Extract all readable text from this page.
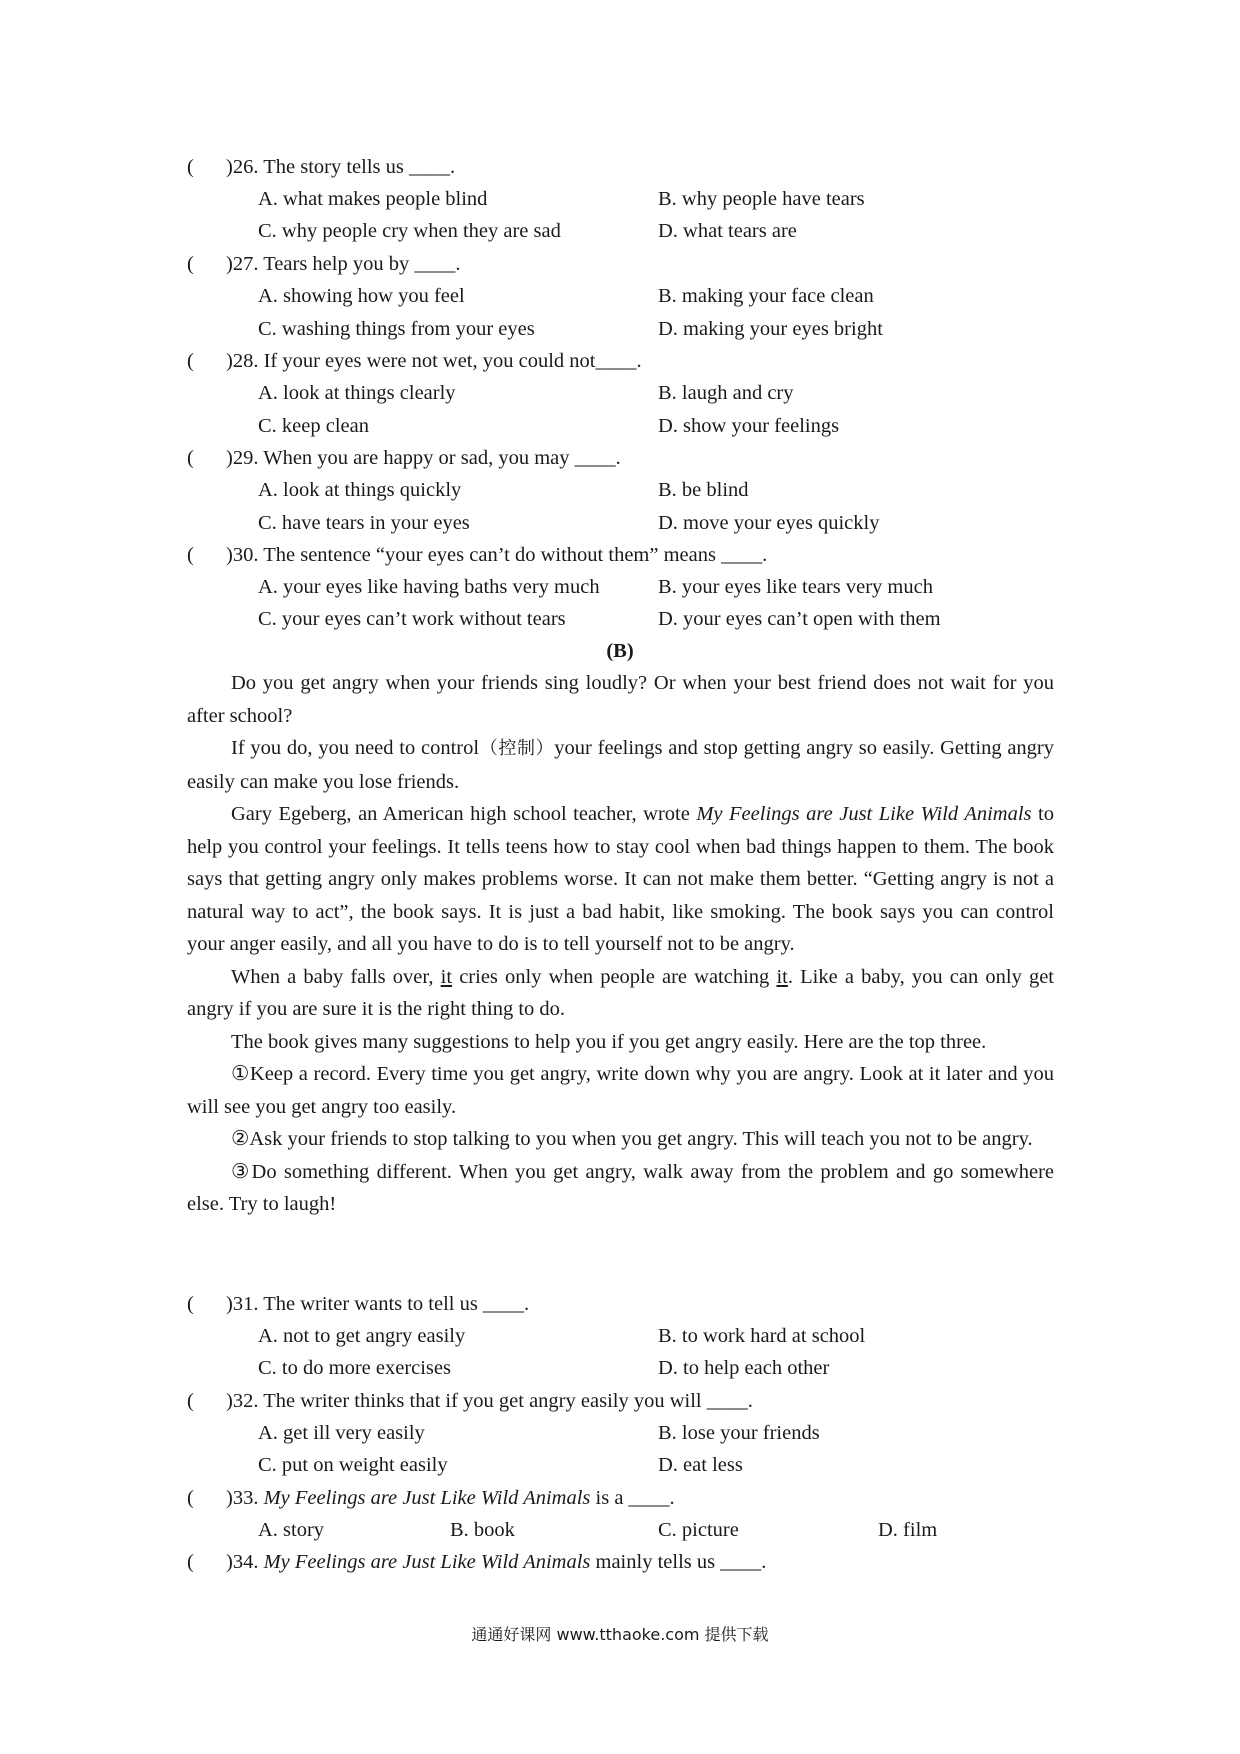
( )26. The story tells us ____.
A. what makes people blind	B. why people have tears
C. why people cry when they are sad	D. what tears are
( )27. Tears help you by ____.
A. showing how you feel	B. making your face clean
C. washing things from your eyes	D. making your eyes bright
( )28. If your eyes were not wet, you could not____.
A. look at things clearly	B. laugh and cry
C. keep clean	D. show your feelings
( )29. When you are happy or sad, you may ____.
A. look at things quickly	B. be blind
C. have tears in your eyes	D. move your eyes quickly
( )30. The sentence “your eyes can’t do without them” means ____.
A. your eyes like having baths very much	B. your eyes like tears very much
C. your eyes can’t work without tears	D. your eyes can’t open with them
(B)

Do you get angry when your friends sing loudly? Or when your best friend does not wait for you after school?

If you do, you need to control（控制）your feelings and stop getting angry so easily. Getting angry easily can make you lose friends.

Gary Egeberg, an American high school teacher, wrote My Feelings are Just Like Wild Animals to help you control your feelings. It tells teens how to stay cool when bad things happen to them. The book says that getting angry only makes problems worse. It can not make them better. “Getting angry is not a natural way to act”, the book says. It is just a bad habit, like smoking. The book says you can control your anger easily, and all you have to do is to tell yourself not to be angry.

When a baby falls over, it cries only when people are watching it. Like a baby, you can only get angry if you are sure it is the right thing to do.

The book gives many suggestions to help you if you get angry easily. Here are the top three.

①Keep a record. Every time you get angry, write down why you are angry. Look at it later and you will see you get angry too easily.

②Ask your friends to stop talking to you when you get angry. This will teach you not to be angry.

③Do something different. When you get angry, walk away from the problem and go somewhere else. Try to laugh!

( )31. The writer wants to tell us ____.
A. not to get angry easily	B. to work hard at school
C. to do more exercises	D. to help each other
( )32. The writer thinks that if you get angry easily you will ____.
A. get ill very easily	B. lose your friends
C. put on weight easily	D. eat less
( )33. My Feelings are Just Like Wild Animals is a ____.
A. story	B. book	C. picture	D. film
( )34. My Feelings are Just Like Wild Animals mainly tells us ____.
通通好课网 www.tthaoke.com 提供下载
